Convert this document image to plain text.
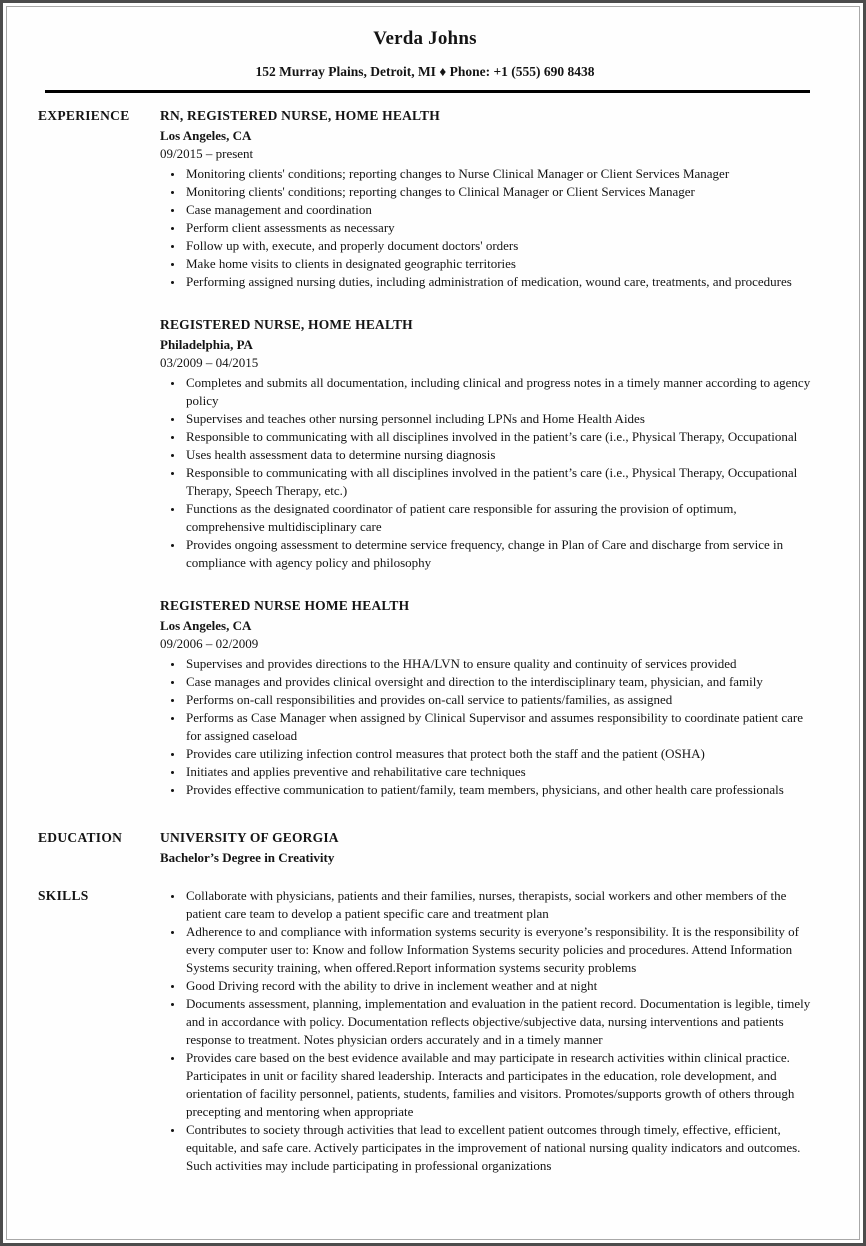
Verda Johns
152 Murray Plains, Detroit, MI ♦ Phone: +1 (555) 690 8438
EXPERIENCE	RN, REGISTERED NURSE, HOME HEALTH
Los Angeles, CA
09/2015 – present
• Monitoring clients' conditions; reporting changes to Nurse Clinical Manager or Client Services Manager
• Monitoring clients' conditions; reporting changes to Clinical Manager or Client Services Manager
• Case management and coordination
• Perform client assessments as necessary
• Follow up with, execute, and properly document doctors' orders
• Make home visits to clients in designated geographic territories
• Performing assigned nursing duties, including administration of medication, wound care, treatments, and procedures
REGISTERED NURSE, HOME HEALTH
Philadelphia, PA
03/2009 – 04/2015
• Completes and submits all documentation, including clinical and progress notes in a timely manner according to agency policy
• Supervises and teaches other nursing personnel including LPNs and Home Health Aides
• Responsible to communicating with all disciplines involved in the patient’s care (i.e., Physical Therapy, Occupational
• Uses health assessment data to determine nursing diagnosis
• Responsible to communicating with all disciplines involved in the patient’s care (i.e., Physical Therapy, Occupational Therapy, Speech Therapy, etc.)
• Functions as the designated coordinator of patient care responsible for assuring the provision of optimum, comprehensive multidisciplinary care
• Provides ongoing assessment to determine service frequency, change in Plan of Care and discharge from service in compliance with agency policy and philosophy
REGISTERED NURSE HOME HEALTH
Los Angeles, CA
09/2006 – 02/2009
• Supervises and provides directions to the HHA/LVN to ensure quality and continuity of services provided
• Case manages and provides clinical oversight and direction to the interdisciplinary team, physician, and family
• Performs on-call responsibilities and provides on-call service to patients/families, as assigned
• Performs as Case Manager when assigned by Clinical Supervisor and assumes responsibility to coordinate patient care for assigned caseload
• Provides care utilizing infection control measures that protect both the staff and the patient (OSHA)
• Initiates and applies preventive and rehabilitative care techniques
• Provides effective communication to patient/family, team members, physicians, and other health care professionals
EDUCATION	UNIVERSITY OF GEORGIA
Bachelor’s Degree in Creativity
SKILLS	• Collaborate with physicians, patients and their families, nurses, therapists, social workers and other members of the patient care team to develop a patient specific care and treatment plan
• Adherence to and compliance with information systems security is everyone’s responsibility. It is the responsibility of every computer user to: Know and follow Information Systems security policies and procedures. Attend Information Systems security training, when offered.Report information systems security problems
• Good Driving record with the ability to drive in inclement weather and at night
• Documents assessment, planning, implementation and evaluation in the patient record. Documentation is legible, timely and in accordance with policy. Documentation reflects objective/subjective data, nursing interventions and patients response to treatment. Notes physician orders accurately and in a timely manner
• Provides care based on the best evidence available and may participate in research activities within clinical practice. Participates in unit or facility shared leadership. Interacts and participates in the education, role development, and orientation of facility personnel, patients, students, families and visitors. Promotes/supports growth of others through precepting and mentoring when appropriate
• Contributes to society through activities that lead to excellent patient outcomes through timely, effective, efficient, equitable, and safe care. Actively participates in the improvement of national nursing quality indicators and outcomes. Such activities may include participating in professional organizations
